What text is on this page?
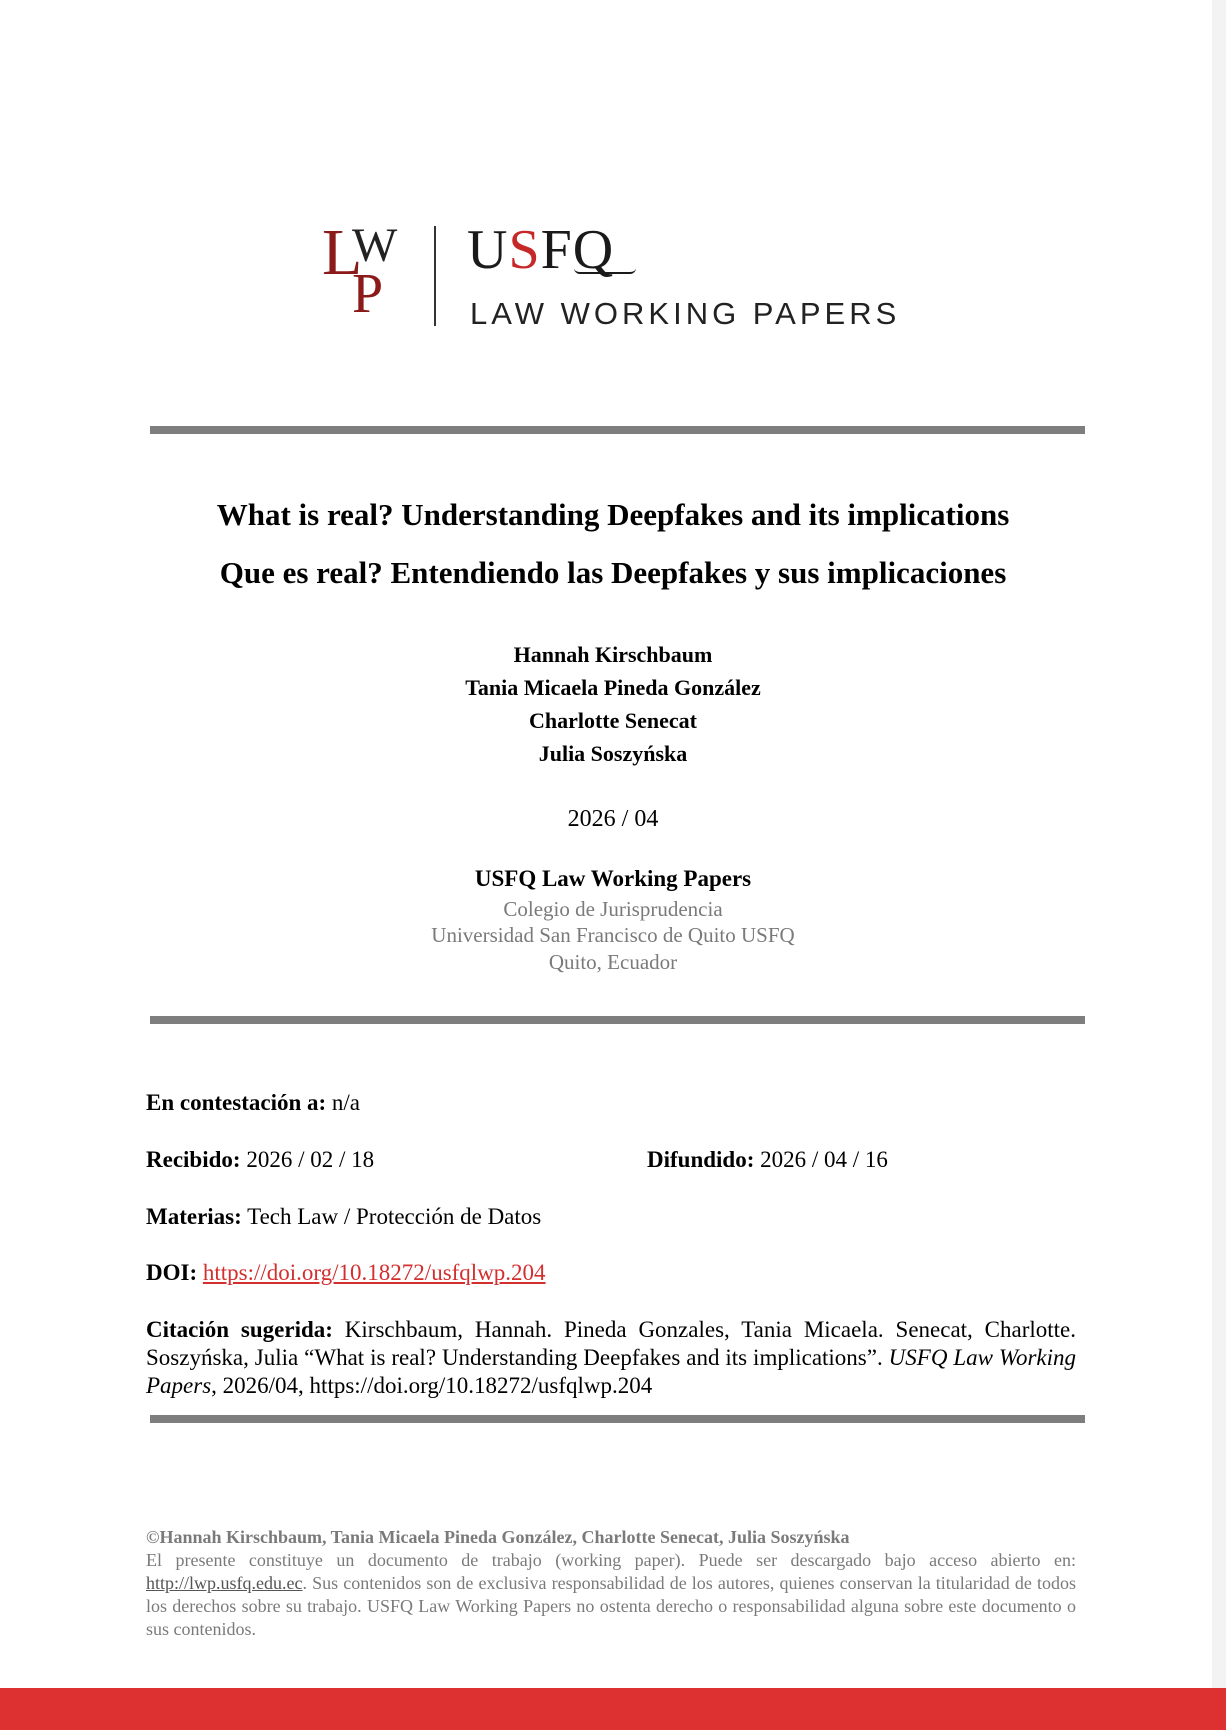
L
W
P
USFQ
LAW WORKING PAPERS
What is real? Understanding Deepfakes and its implications
Que es real? Entendiendo las Deepfakes y sus implicaciones
Hannah Kirschbaum
Tania Micaela Pineda González
Charlotte Senecat
Julia Soszyńska
2026 / 04
USFQ Law Working Papers
Colegio de Jurisprudencia
Universidad San Francisco de Quito USFQ
Quito, Ecuador
En contestación a: n/a
Recibido: 2026 / 02 / 18	Difundido: 2026 / 04 / 16
Materias: Tech Law / Protección de Datos
DOI: https://doi.org/10.18272/usfqlwp.204
Citación sugerida: Kirschbaum, Hannah. Pineda Gonzales, Tania Micaela. Senecat, Charlotte. Soszyńska, Julia “What is real? Understanding Deepfakes and its implications”. USFQ Law Working Papers, 2026/04, https://doi.org/10.18272/usfqlwp.204
©Hannah Kirschbaum, Tania Micaela Pineda González, Charlotte Senecat, Julia Soszyńska
El presente constituye un documento de trabajo (working paper). Puede ser descargado bajo acceso abierto en: http://lwp.usfq.edu.ec. Sus contenidos son de exclusiva responsabilidad de los autores, quienes conservan la titularidad de todos los derechos sobre su trabajo. USFQ Law Working Papers no ostenta derecho o responsabilidad alguna sobre este documento o sus contenidos.
